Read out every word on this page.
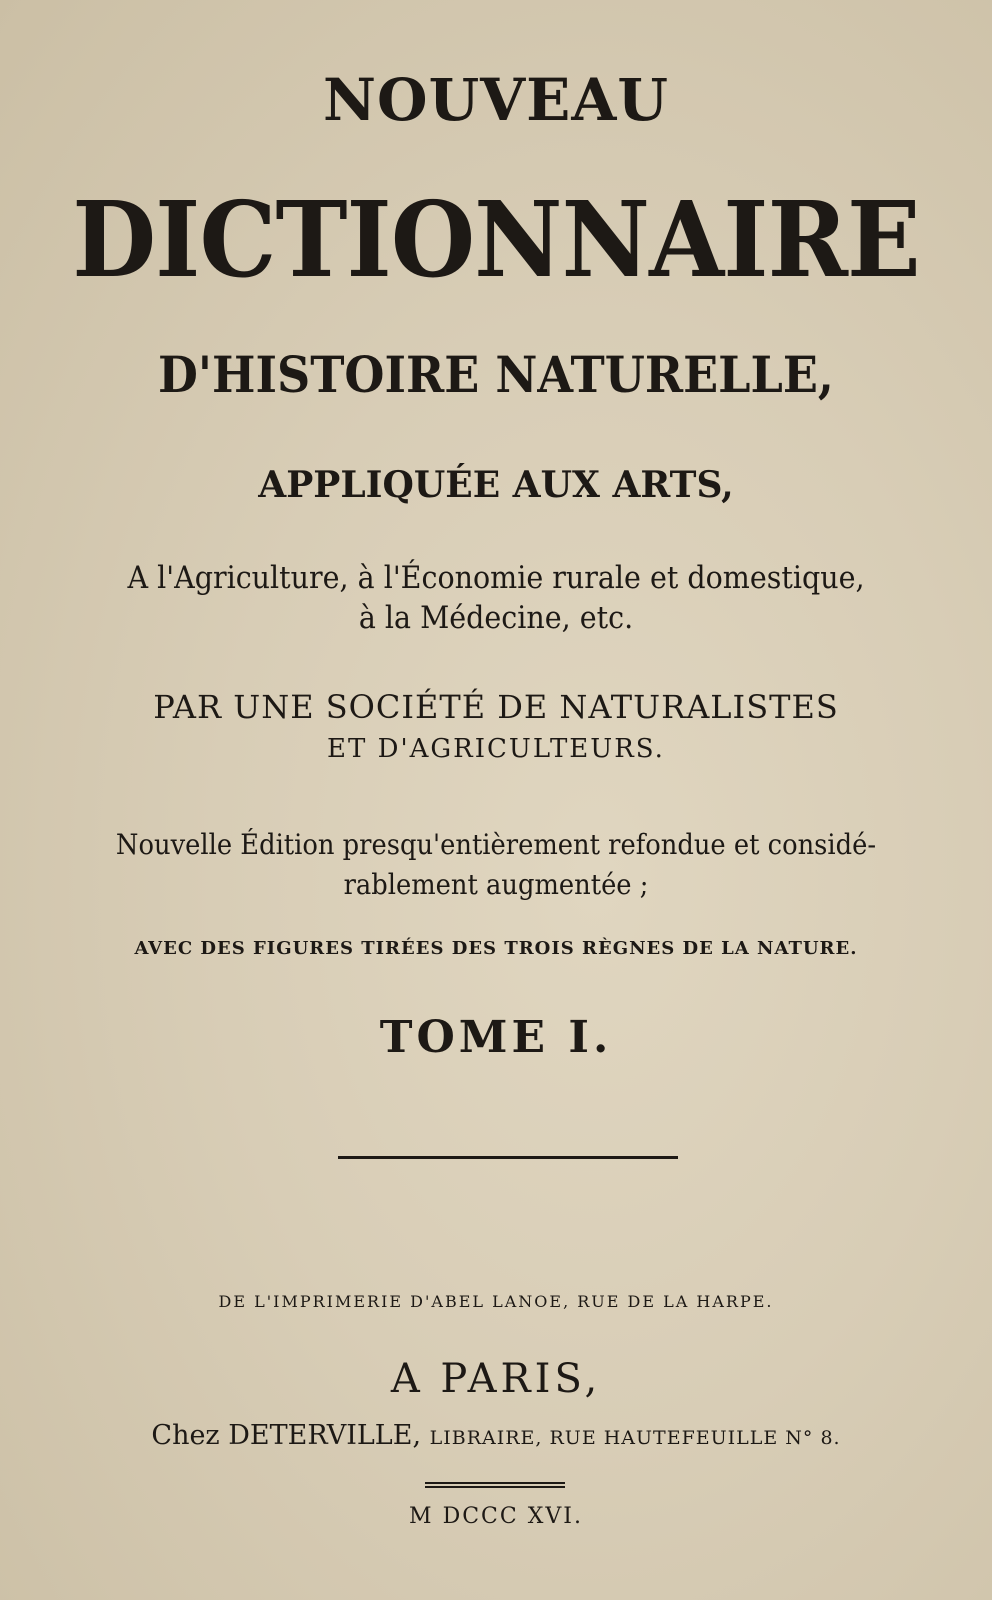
NOUVEAU
DICTIONNAIRE
D'HISTOIRE NATURELLE,
APPLIQUÉE AUX ARTS,
A l'Agriculture, à l'Économie rurale et domestique,
à la Médecine, etc.
PAR UNE SOCIÉTÉ DE NATURALISTES
ET D'AGRICULTEURS.
Nouvelle Édition presqu'entièrement refondue et considé-
rablement augmentée ;
AVEC DES FIGURES TIRÉES DES TROIS RÈGNES DE LA NATURE.
TOME I.
DE L'IMPRIMERIE D'ABEL LANOE, RUE DE LA HARPE.
A PARIS,
Chez DETERVILLE, LIBRAIRE, RUE HAUTEFEUILLE N° 8.
M DCCC XVI.
